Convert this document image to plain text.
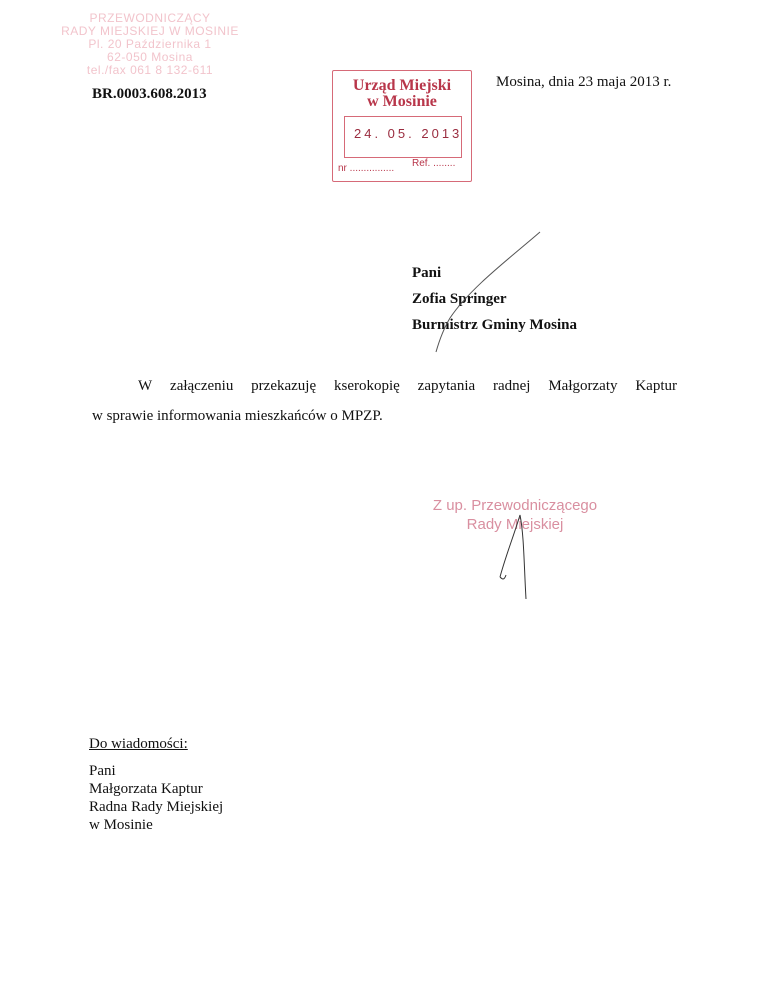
PRZEWODNICZĄCY
RADY MIEJSKIEJ W MOSINIE
Pl. 20 Października 1
62-050 Mosina
tel./fax 061 8 132-611
BR.0003.608.2013	Urząd Miejski
w Mosinie
24. 05. 2013
nr ................ Ref. ........
Mosina, dnia 23 maja 2013 r.
Pani
Zofia Springer
Burmistrz Gminy Mosina
W załączeniu przekazuję kserokopię zapytania radnej Małgorzaty Kaptur
w sprawie informowania mieszkańców o MPZP.
Z up. Przewodniczącego
Rady Miejskiej
Do wiadomości:
Pani
Małgorzata Kaptur
Radna Rady Miejskiej
w Mosinie
